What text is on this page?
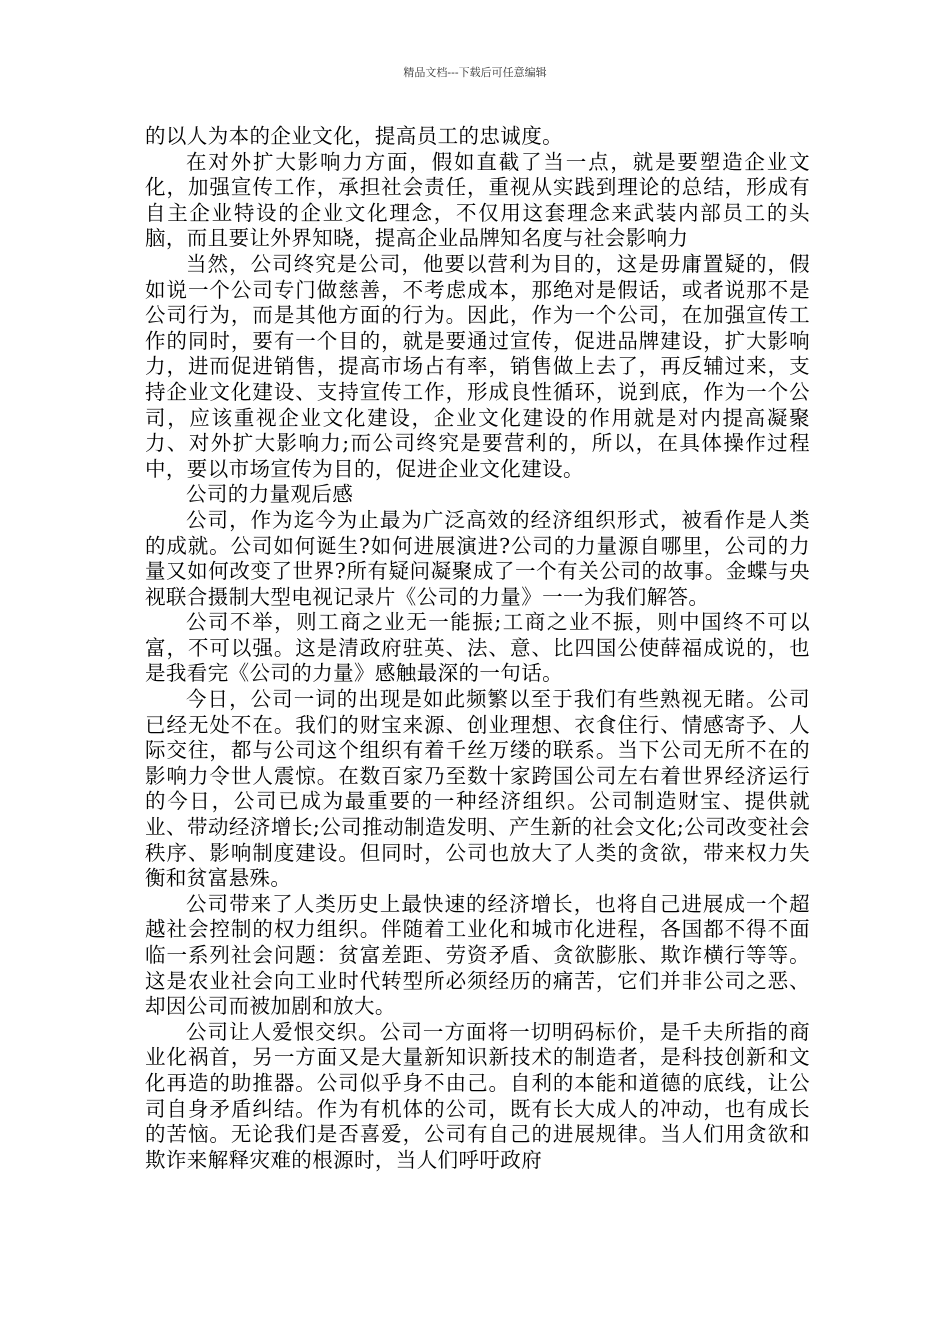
精品文档---下载后可任意编辑

的以人为本的企业文化，提高员工的忠诚度。

在对外扩大影响力方面，假如直截了当一点，就是要塑造企业文化，加强宣传工作，承担社会责任，重视从实践到理论的总结，形成有自主企业特设的企业文化理念，不仅用这套理念来武装内部员工的头脑，而且要让外界知晓，提高企业品牌知名度与社会影响力

当然，公司终究是公司，他要以营利为目的，这是毋庸置疑的，假如说一个公司专门做慈善，不考虑成本，那绝对是假话，或者说那不是公司行为，而是其他方面的行为。因此，作为一个公司，在加强宣传工作的同时，要有一个目的，就是要通过宣传，促进品牌建设，扩大影响力，进而促进销售，提高市场占有率，销售做上去了，再反辅过来，支持企业文化建设、支持宣传工作，形成良性循环，说到底，作为一个公司，应该重视企业文化建设，企业文化建设的作用就是对内提高凝聚力、对外扩大影响力;而公司终究是要营利的，所以，在具体操作过程中，要以市场宣传为目的，促进企业文化建设。

公司的力量观后感

公司，作为迄今为止最为广泛高效的经济组织形式，被看作是人类的成就。公司如何诞生?如何进展演进?公司的力量源自哪里，公司的力量又如何改变了世界?所有疑问凝聚成了一个有关公司的故事。金蝶与央视联合摄制大型电视记录片《公司的力量》一一为我们解答。

公司不举，则工商之业无一能振;工商之业不振，则中国终不可以富，不可以强。这是清政府驻英、法、意、比四国公使薛福成说的，也是我看完《公司的力量》感触最深的一句话。

今日，公司一词的出现是如此频繁以至于我们有些熟视无睹。公司已经无处不在。我们的财宝来源、创业理想、衣食住行、情感寄予、人际交往，都与公司这个组织有着千丝万缕的联系。当下公司无所不在的影响力令世人震惊。在数百家乃至数十家跨国公司左右着世界经济运行的今日，公司已成为最重要的一种经济组织。公司制造财宝、提供就业、带动经济增长;公司推动制造发明、产生新的社会文化;公司改变社会秩序、影响制度建设。但同时，公司也放大了人类的贪欲，带来权力失衡和贫富悬殊。

公司带来了人类历史上最快速的经济增长，也将自己进展成一个超越社会控制的权力组织。伴随着工业化和城市化进程，各国都不得不面临一系列社会问题：贫富差距、劳资矛盾、贪欲膨胀、欺诈横行等等。这是农业社会向工业时代转型所必须经历的痛苦，它们并非公司之恶、却因公司而被加剧和放大。

公司让人爱恨交织。公司一方面将一切明码标价，是千夫所指的商业化祸首，另一方面又是大量新知识新技术的制造者，是科技创新和文化再造的助推器。公司似乎身不由己。自利的本能和道德的底线，让公司自身矛盾纠结。作为有机体的公司，既有长大成人的冲动，也有成长的苦恼。无论我们是否喜爱，公司有自己的进展规律。当人们用贪欲和欺诈来解释灾难的根源时，当人们呼吁政府
